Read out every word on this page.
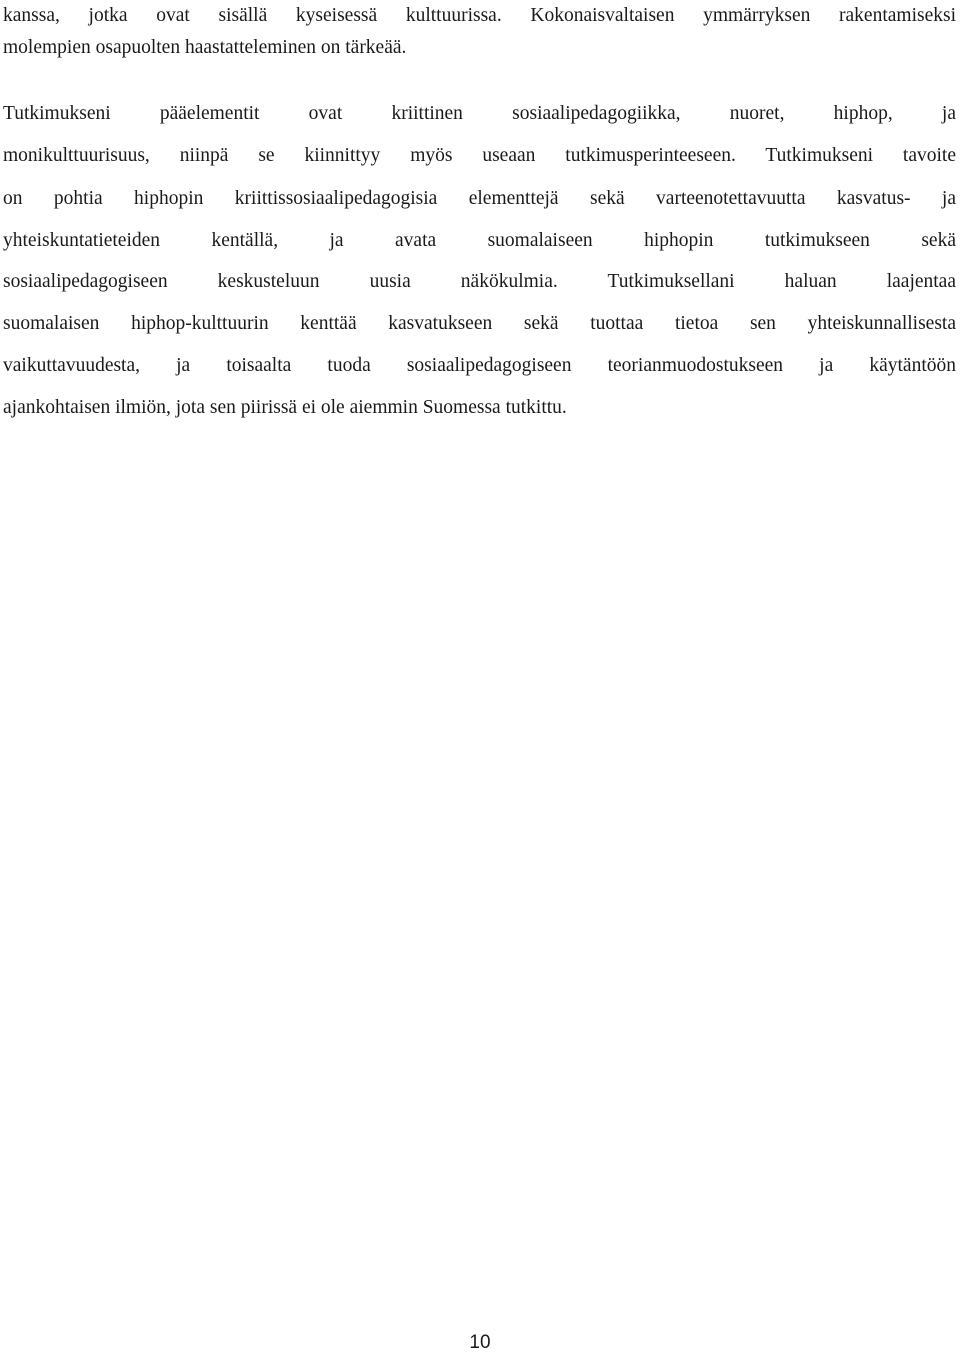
kanssa, jotka ovat sisällä kyseisessä kulttuurissa. Kokonaisvaltaisen ymmärryksen rakentamiseksi
molempien osapuolten haastatteleminen on tärkeää.
Tutkimukseni pääelementit ovat kriittinen sosiaalipedagogiikka, nuoret, hiphop, ja
monikulttuurisuus, niinpä se kiinnittyy myös useaan tutkimusperinteeseen. Tutkimukseni tavoite
on pohtia hiphopin kriittissosiaalipedagogisia elementtejä sekä varteenotettavuutta kasvatus- ja
yhteiskuntatieteiden kentällä, ja avata suomalaiseen hiphopin tutkimukseen sekä
sosiaalipedagogiseen keskusteluun uusia näkökulmia. Tutkimuksellani haluan laajentaa
suomalaisen hiphop-kulttuurin kenttää kasvatukseen sekä tuottaa tietoa sen yhteiskunnallisesta
vaikuttavuudesta, ja toisaalta tuoda sosiaalipedagogiseen teorianmuodostukseen ja käytäntöön
ajankohtaisen ilmiön, jota sen piirissä ei ole aiemmin Suomessa tutkittu.
10
